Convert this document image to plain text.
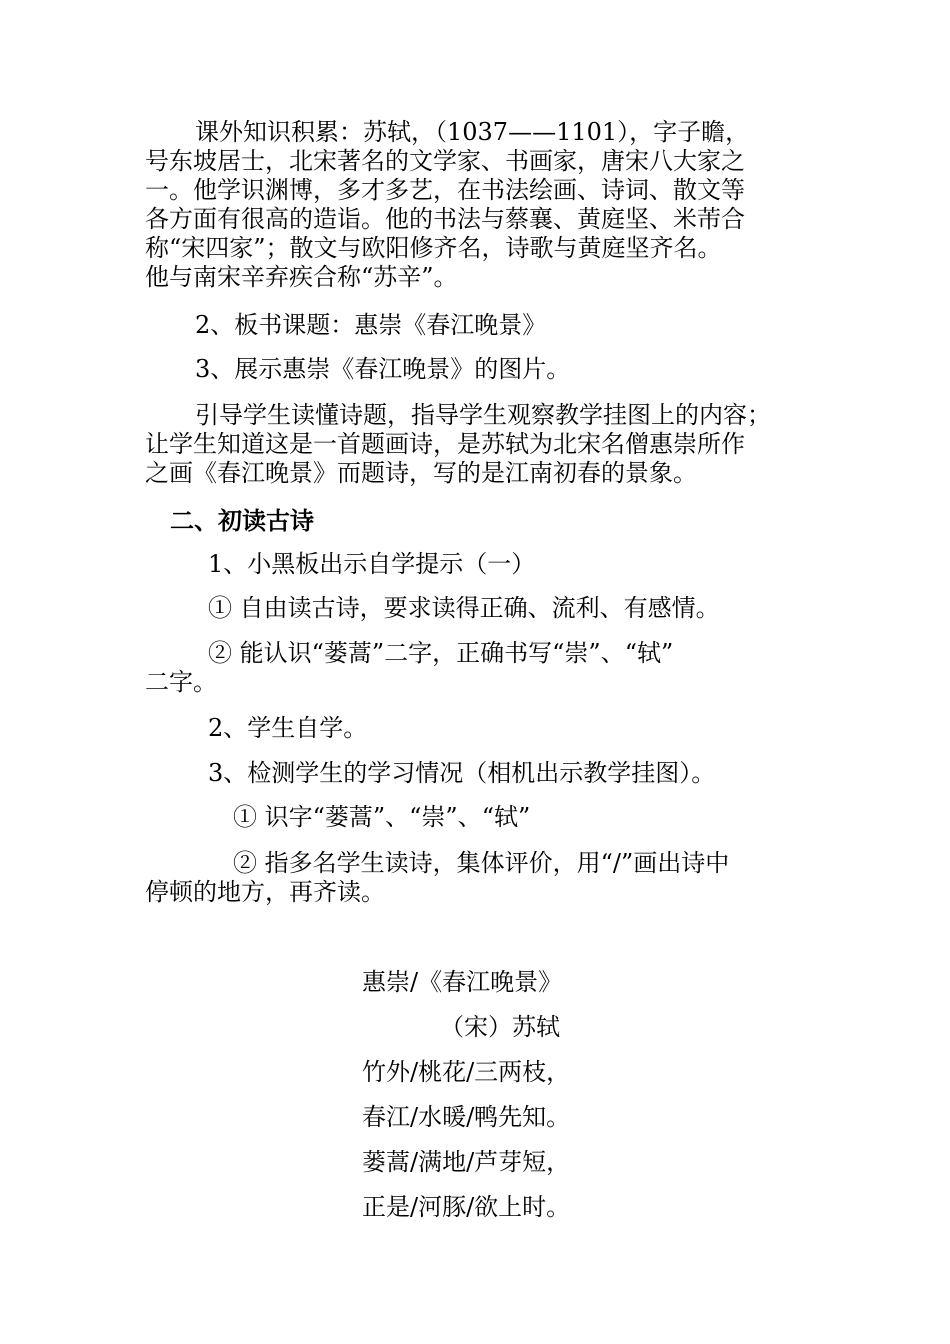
课外知识积累：苏轼，（1037——1101），字子瞻，

号东坡居士，北宋著名的文学家、书画家，唐宋八大家之

一。他学识渊博，多才多艺，在书法绘画、诗词、散文等

各方面有很高的造诣。他的书法与蔡襄、黄庭坚、米芾合

称“宋四家”；散文与欧阳修齐名，诗歌与黄庭坚齐名。

他与南宋辛弃疾合称“苏辛”。

2、板书课题：惠崇《春江晚景》

3、展示惠崇《春江晚景》的图片。

引导学生读懂诗题，指导学生观察教学挂图上的内容；

让学生知道这是一首题画诗，是苏轼为北宋名僧惠崇所作

之画《春江晚景》而题诗，写的是江南初春的景象。

二、初读古诗

1、小黑板出示自学提示（一）

① 自由读古诗，要求读得正确、流利、有感情。

② 能认识“蒌蒿”二字，正确书写“崇”、“轼”

二字。

2、学生自学。

3、检测学生的学习情况（相机出示教学挂图）。

① 识字“蒌蒿”、“崇”、“轼”

② 指多名学生读诗，集体评价，用“/”画出诗中

停顿的地方，再齐读。

惠崇/《春江晚景》

（宋）苏轼

竹外/桃花/三两枝，

春江/水暖/鸭先知。

蒌蒿/满地/芦芽短，

正是/河豚/欲上时。
